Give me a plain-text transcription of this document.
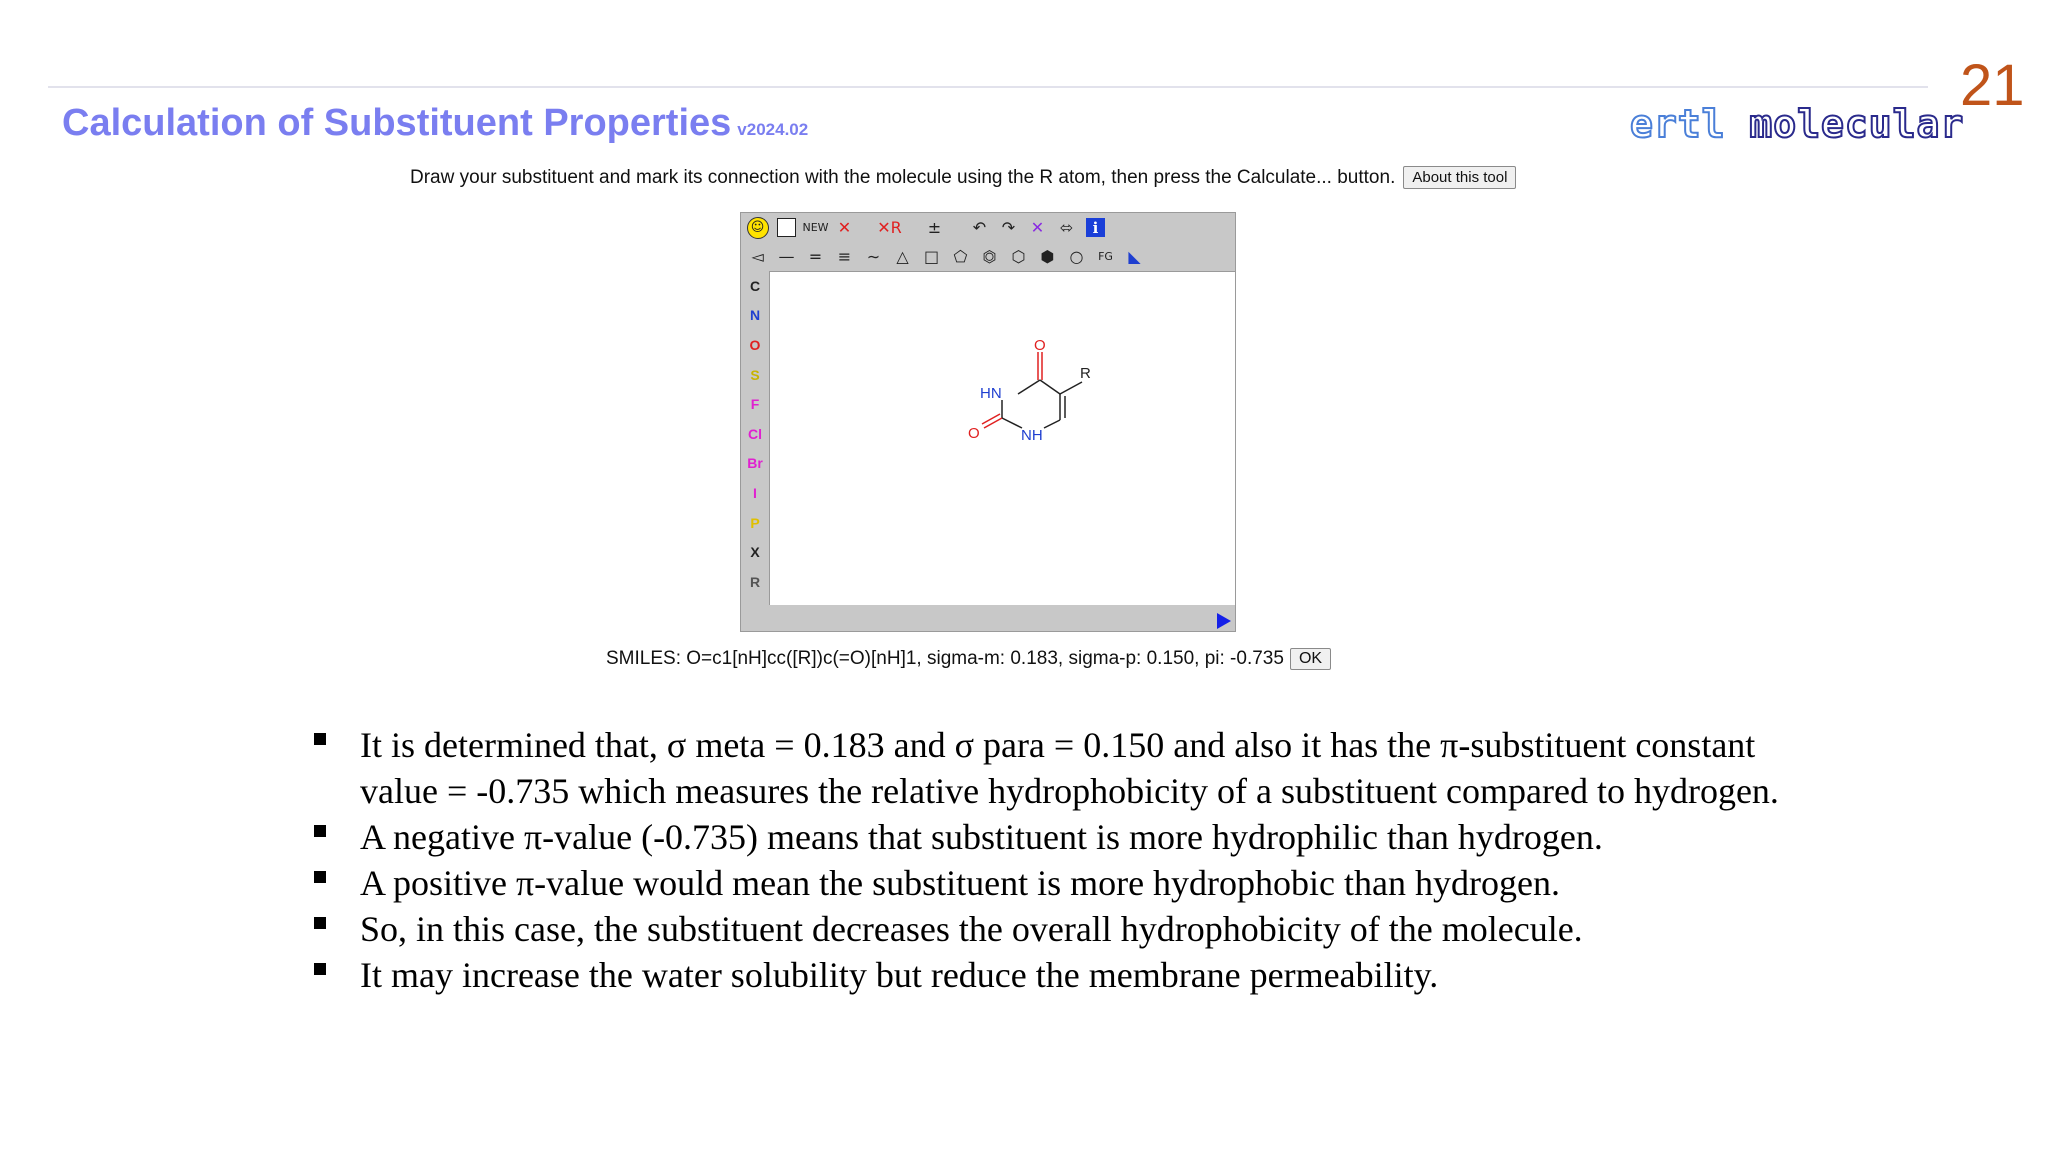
21
Calculation of Substituent Properties v2024.02	ertl molecular
Draw your substituent and mark its connection with the molecule using the R atom, then press the Calculate... button.	About this tool
☺	NEW ✕	✕R	±	↶ ↷ ✕ ⬄	i
◅ — = ≡ ∼	△ □ ⬠ ⏣ ⬡ ⬢ ○	FG ◣
C
N
O
S
F
Cl
Br
I
P
X
R
O
HN
R
O	NH
SMILES: O=c1[nH]cc([R])c(=O)[nH]1, sigma-m: 0.183, sigma-p: 0.150, pi: -0.735 OK
It is determined that, σ meta = 0.183 and σ para = 0.150 and also it has the π-substituent constant value = -0.735 which measures the relative hydrophobicity of a substituent compared to hydrogen.
A negative π-value (-0.735) means that substituent is more hydrophilic than hydrogen.
A positive π-value would mean the substituent is more hydrophobic than hydrogen.
So, in this case, the substituent decreases the overall hydrophobicity of the molecule.
It may increase the water solubility but reduce the membrane permeability.
